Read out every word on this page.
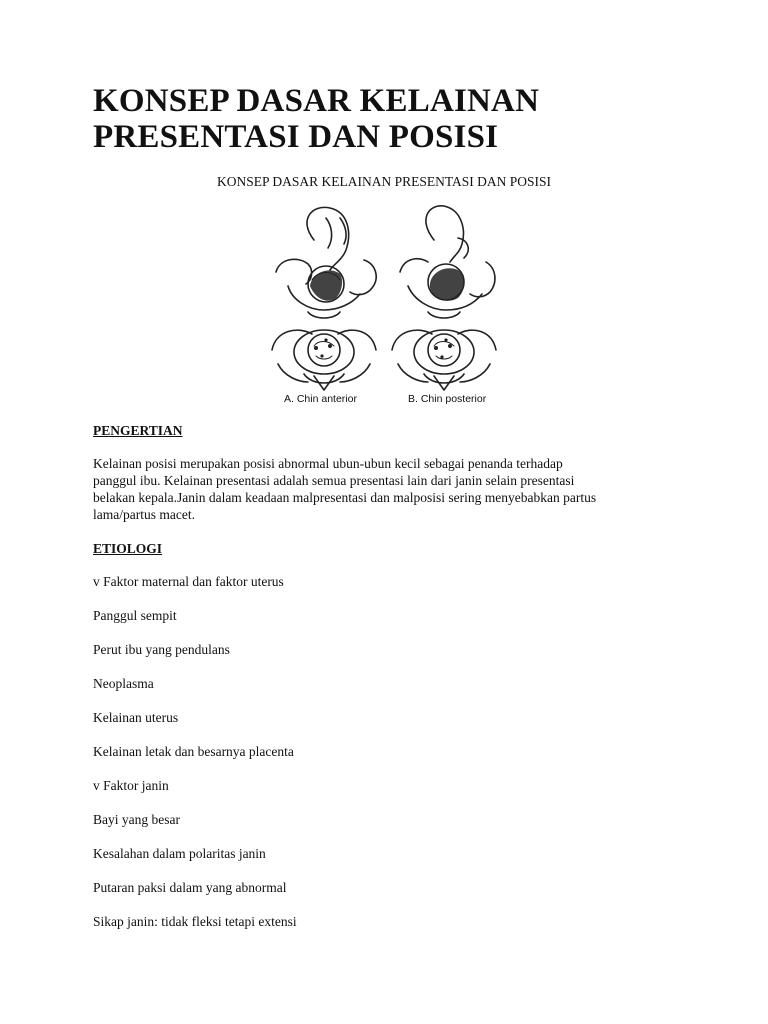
KONSEP DASAR KELAINAN
PRESENTASI DAN POSISI
KONSEP DASAR KELAINAN PRESENTASI DAN POSISI
A. Chin anterior	B. Chin posterior
PENGERTIAN
Kelainan posisi merupakan posisi abnormal ubun-ubun kecil sebagai penanda terhadap
panggul ibu. Kelainan presentasi adalah semua presentasi lain dari janin selain presentasi
belakan kepala.Janin dalam keadaan malpresentasi dan malposisi sering menyebabkan partus
lama/partus macet.
ETIOLOGI

v Faktor maternal dan faktor uterus

Panggul sempit

Perut ibu yang pendulans

Neoplasma

Kelainan uterus

Kelainan letak dan besarnya placenta

v Faktor janin

Bayi yang besar

Kesalahan dalam polaritas janin

Putaran paksi dalam yang abnormal

Sikap janin: tidak fleksi tetapi extensi
